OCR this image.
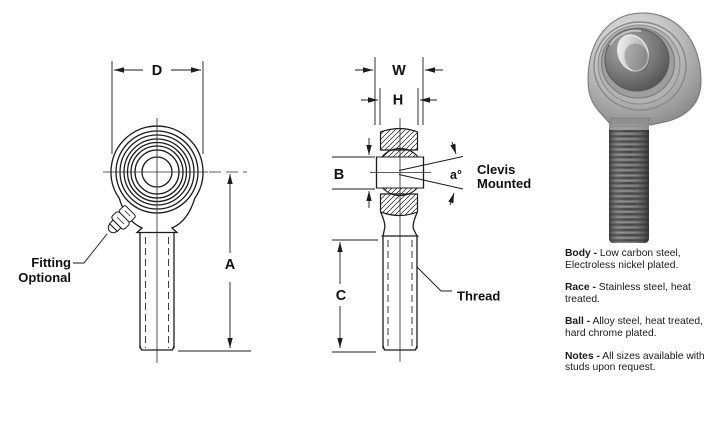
D
Fitting
Optional
A
W
H
B	a° Clevis
Mounted
C	Thread

Body - Low carbon steel, Electroless nickel plated.

Race - Stainless steel, heat treated.

Ball - Alloy steel, heat treated, hard chrome plated.

Notes - All sizes available with studs upon request.
